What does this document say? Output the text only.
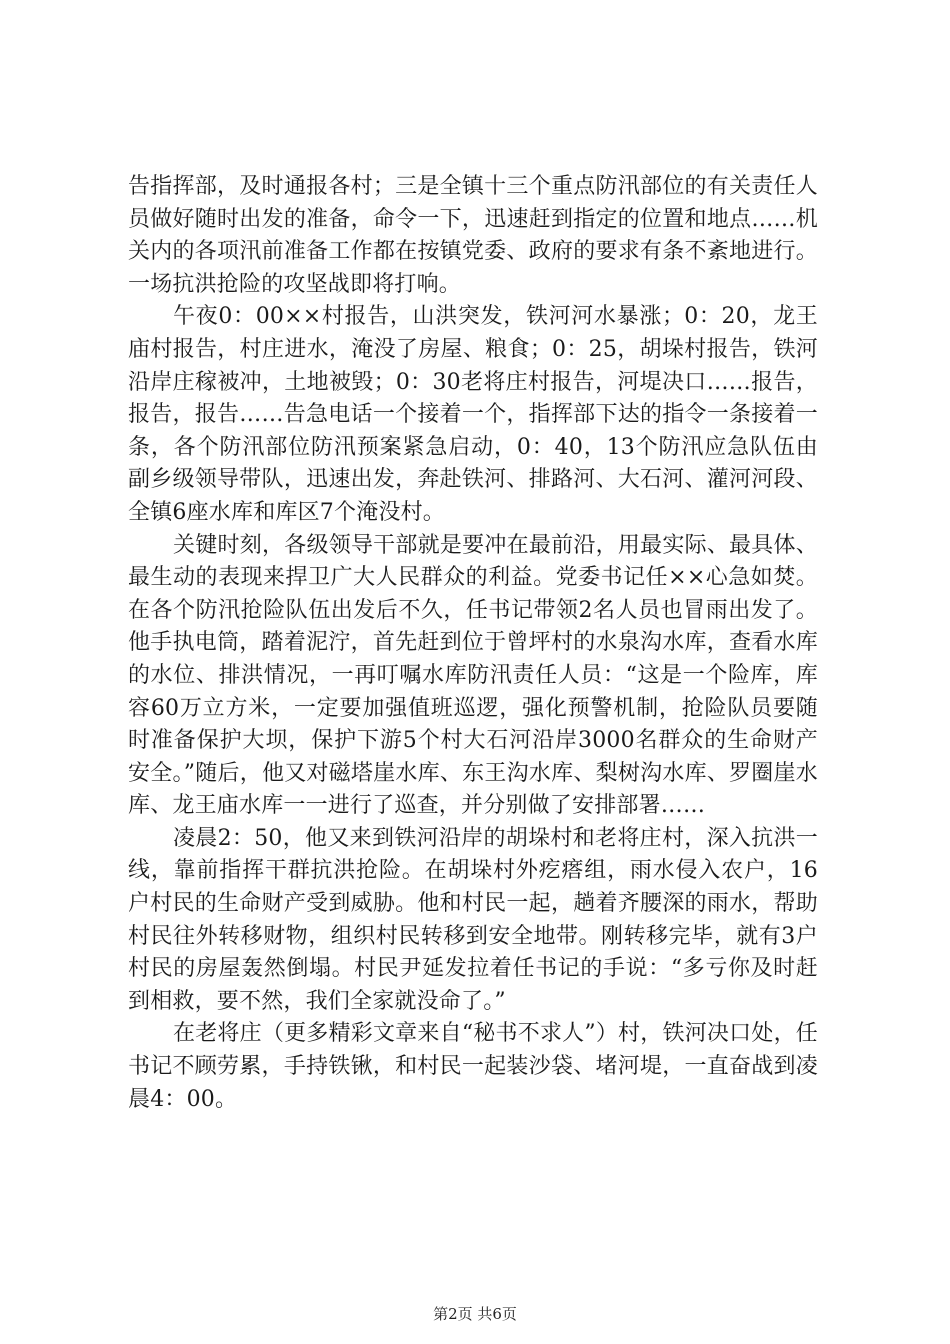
告指挥部，及时通报各村；三是全镇十三个重点防汛部位的有关责任人员做好随时出发的准备，命令一下，迅速赶到指定的位置和地点……机关内的各项汛前准备工作都在按镇党委、政府的要求有条不紊地进行。一场抗洪抢险的攻坚战即将打响。

午夜0：00××村报告，山洪突发，铁河河水暴涨；0：20，龙王庙村报告，村庄进水，淹没了房屋、粮食；0：25，胡垛村报告，铁河沿岸庄稼被冲，土地被毁；0：30老将庄村报告，河堤决口……报告，报告，报告……告急电话一个接着一个，指挥部下达的指令一条接着一条，各个防汛部位防汛预案紧急启动，0：40，13个防汛应急队伍由副乡级领导带队，迅速出发，奔赴铁河、排路河、大石河、灌河河段、全镇6座水库和库区7个淹没村。

关键时刻，各级领导干部就是要冲在最前沿，用最实际、最具体、最生动的表现来捍卫广大人民群众的利益。党委书记任××心急如焚。在各个防汛抢险队伍出发后不久，任书记带领2名人员也冒雨出发了。他手执电筒，踏着泥泞，首先赶到位于曾坪村的水泉沟水库，查看水库的水位、排洪情况，一再叮嘱水库防汛责任人员：“这是一个险库，库容60万立方米，一定要加强值班巡逻，强化预警机制，抢险队员要随时准备保护大坝，保护下游5个村大石河沿岸3000名群众的生命财产安全。”随后，他又对磁塔崖水库、东王沟水库、梨树沟水库、罗圈崖水库、龙王庙水库一一进行了巡查，并分别做了安排部署……

凌晨2：50，他又来到铁河沿岸的胡垛村和老将庄村，深入抗洪一线，靠前指挥干群抗洪抢险。在胡垛村外疙瘩组，雨水侵入农户，16户村民的生命财产受到威胁。他和村民一起，趟着齐腰深的雨水，帮助村民往外转移财物，组织村民转移到安全地带。刚转移完毕，就有3户村民的房屋轰然倒塌。村民尹延发拉着任书记的手说：“多亏你及时赶到相救，要不然，我们全家就没命了。”

在老将庄（更多精彩文章来自“秘书不求人”）村，铁河决口处，任书记不顾劳累，手持铁锹，和村民一起装沙袋、堵河堤，一直奋战到凌晨4：00。

第2页 共6页
